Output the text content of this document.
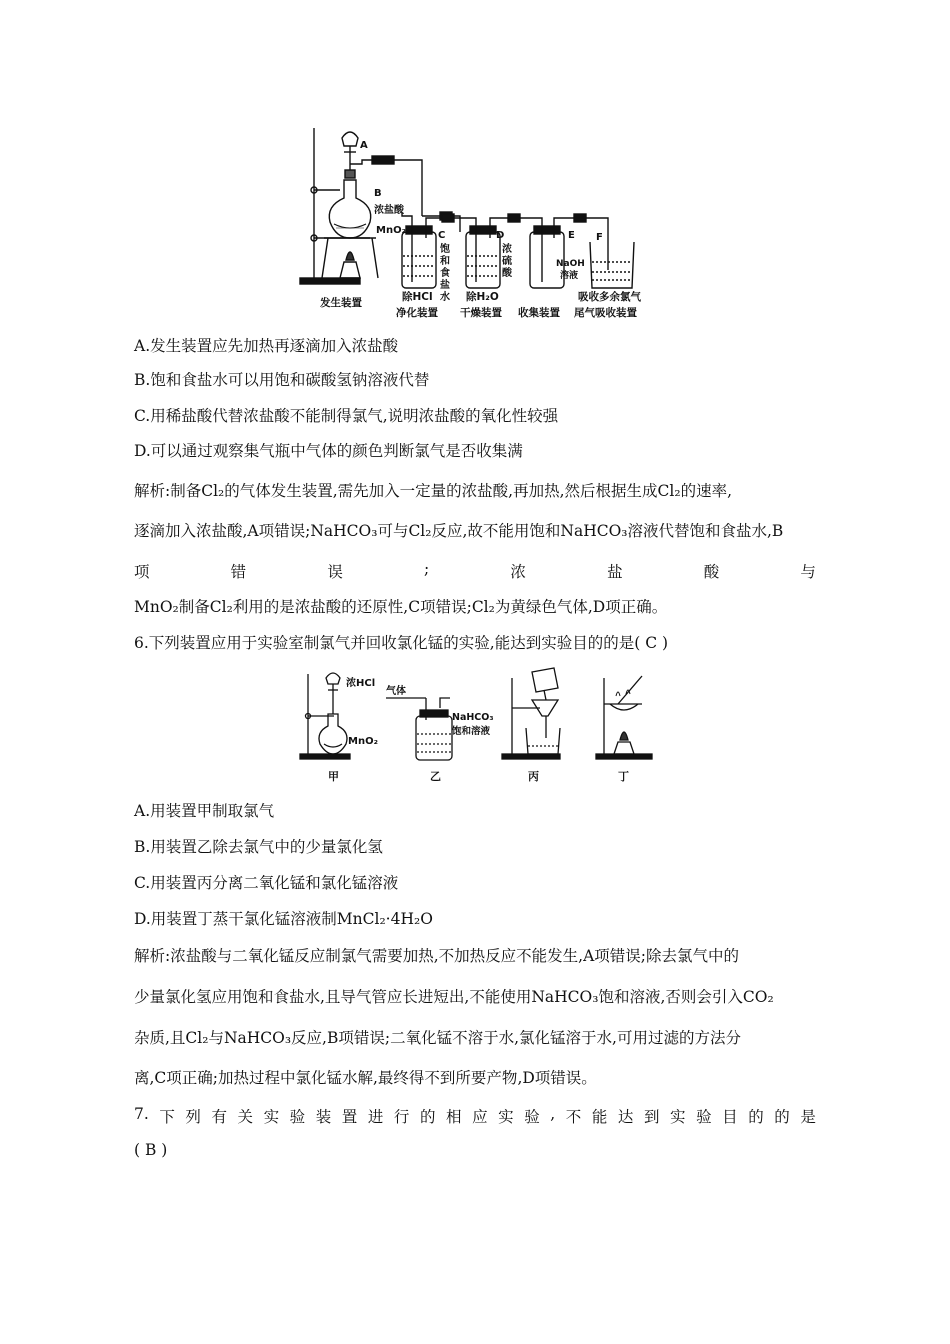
A
B
浓盐酸
MnO₂	C
饱
和
食
盐
水
D
浓
硫
酸
E F
NaOH
溶液
发生装置	除HCl
净化装置
除H₂O
干燥装置 收集装置
吸收多余氯气
尾气吸收装置
A.发生装置应先加热再逐滴加入浓盐酸
B.饱和食盐水可以用饱和碳酸氢钠溶液代替
C.用稀盐酸代替浓盐酸不能制得氯气,说明浓盐酸的氧化性较强
D.可以通过观察集气瓶中气体的颜色判断氯气是否收集满
解析:制备Cl₂的气体发生装置,需先加入一定量的浓盐酸,再加热,然后根据生成Cl₂的速率,
逐滴加入浓盐酸,A项错误;NaHCO₃可与Cl₂反应,故不能用饱和NaHCO₃溶液代替饱和食盐水,B
项	错	误	;	浓	盐	酸	与
MnO₂制备Cl₂利用的是浓盐酸的还原性,C项错误;Cl₂为黄绿色气体,D项正确。
6.下列装置应用于实验室制氯气并回收氯化锰的实验,能达到实验目的的是( C )
浓HCl
MnO₂
气体
NaHCO₃
饱和溶液
甲	乙	丙	丁
A.用装置甲制取氯气
B.用装置乙除去氯气中的少量氯化氢
C.用装置丙分离二氧化锰和氯化锰溶液
D.用装置丁蒸干氯化锰溶液制MnCl₂·4H₂O
解析:浓盐酸与二氧化锰反应制氯气需要加热,不加热反应不能发生,A项错误;除去氯气中的
少量氯化氢应用饱和食盐水,且导气管应长进短出,不能使用NaHCO₃饱和溶液,否则会引入CO₂
杂质,且Cl₂与NaHCO₃反应,B项错误;二氧化锰不溶于水,氯化锰溶于水,可用过滤的方法分
离,C项正确;加热过程中氯化锰水解,最终得不到所要产物,D项错误。
7. 下 列 有 关 实 验 装 置 进 行 的 相 应 实 验 , 不 能 达 到 实 验 目 的 的 是
( B )
